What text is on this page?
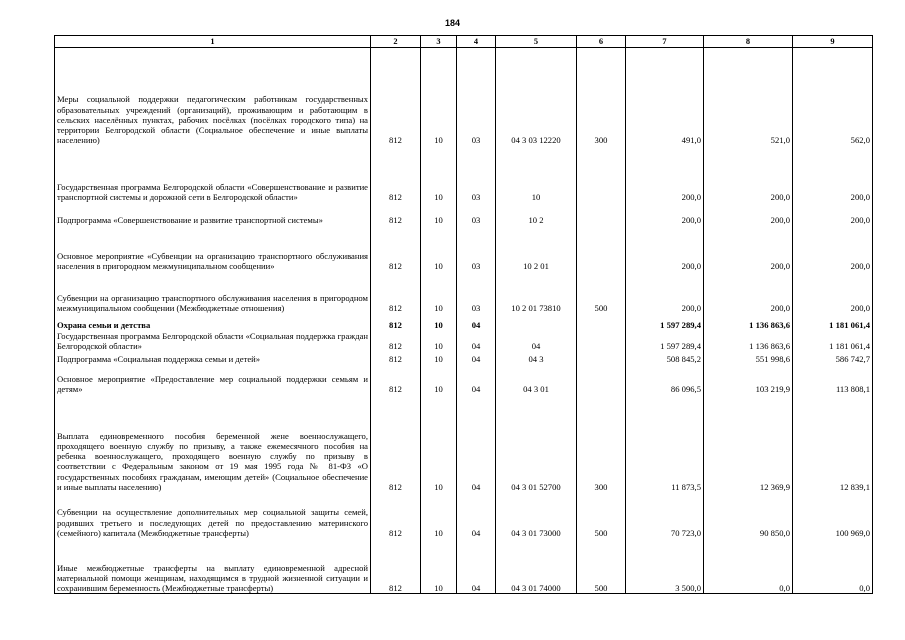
184
1	2	3	4	5	6	7	8	9
Меры социальной поддержки педагогическим работникам государственных образовательных учреждений (организаций), проживающим и работающим в сельских населённых пунктах, рабочих посёлках (посёлках городского типа) на территории Белгородской области (Социальное обеспечение и иные выплаты населению)	812	10	03	04 3 03 12220	300	491,0	521,0	562,0
Государственная программа Белгородской области «Совершенствование и развитие транспортной системы и дорожной сети в Белгородской области»	812	10	03	10		200,0	200,0	200,0
Подпрограмма «Совершенствование и развитие транспортной системы»	812	10	03	10 2		200,0	200,0	200,0
Основное мероприятие «Субвенции на организацию транспортного обслуживания населения в пригородном межмуниципальном сообщении»	812	10	03	10 2 01		200,0	200,0	200,0
Субвенции на организацию транспортного обслуживания населения в пригородном межмуниципальном сообщении (Межбюджетные отношения)	812	10	03	10 2 01 73810	500	200,0	200,0	200,0
Охрана семьи и детства	812	10	04			1 597 289,4	1 136 863,6	1 181 061,4
Государственная программа Белгородской области «Социальная поддержка граждан Белгородской области»	812	10	04	04		1 597 289,4	1 136 863,6	1 181 061,4
Подпрограмма «Социальная поддержка семьи и детей»	812	10	04	04 3		508 845,2	551 998,6	586 742,7
Основное мероприятие «Предоставление мер социальной поддержки семьям и детям»	812	10	04	04 3 01		86 096,5	103 219,9	113 808,1
Выплата единовременного пособия беременной жене военнослужащего, проходящего военную службу по призыву, а также ежемесячного пособия на ребенка военнослужащего, проходящего военную службу по призыву в соответствии с Федеральным законом от 19 мая 1995 года № 81-ФЗ «О государственных пособиях гражданам, имеющим детей» (Социальное обеспечение и иные выплаты населению)	812	10	04	04 3 01 52700	300	11 873,5	12 369,9	12 839,1
Субвенции на осуществление дополнительных мер социальной защиты семей, родивших третьего и последующих детей по предоставлению материнского (семейного) капитала (Межбюджетные трансферты)	812	10	04	04 3 01 73000	500	70 723,0	90 850,0	100 969,0
Иные межбюджетные трансферты на выплату единовременной адресной материальной помощи женщинам, находящимся в трудной жизненной ситуации и сохранившим беременность (Межбюджетные трансферты)	812	10	04	04 3 01 74000	500	3 500,0	0,0	0,0
